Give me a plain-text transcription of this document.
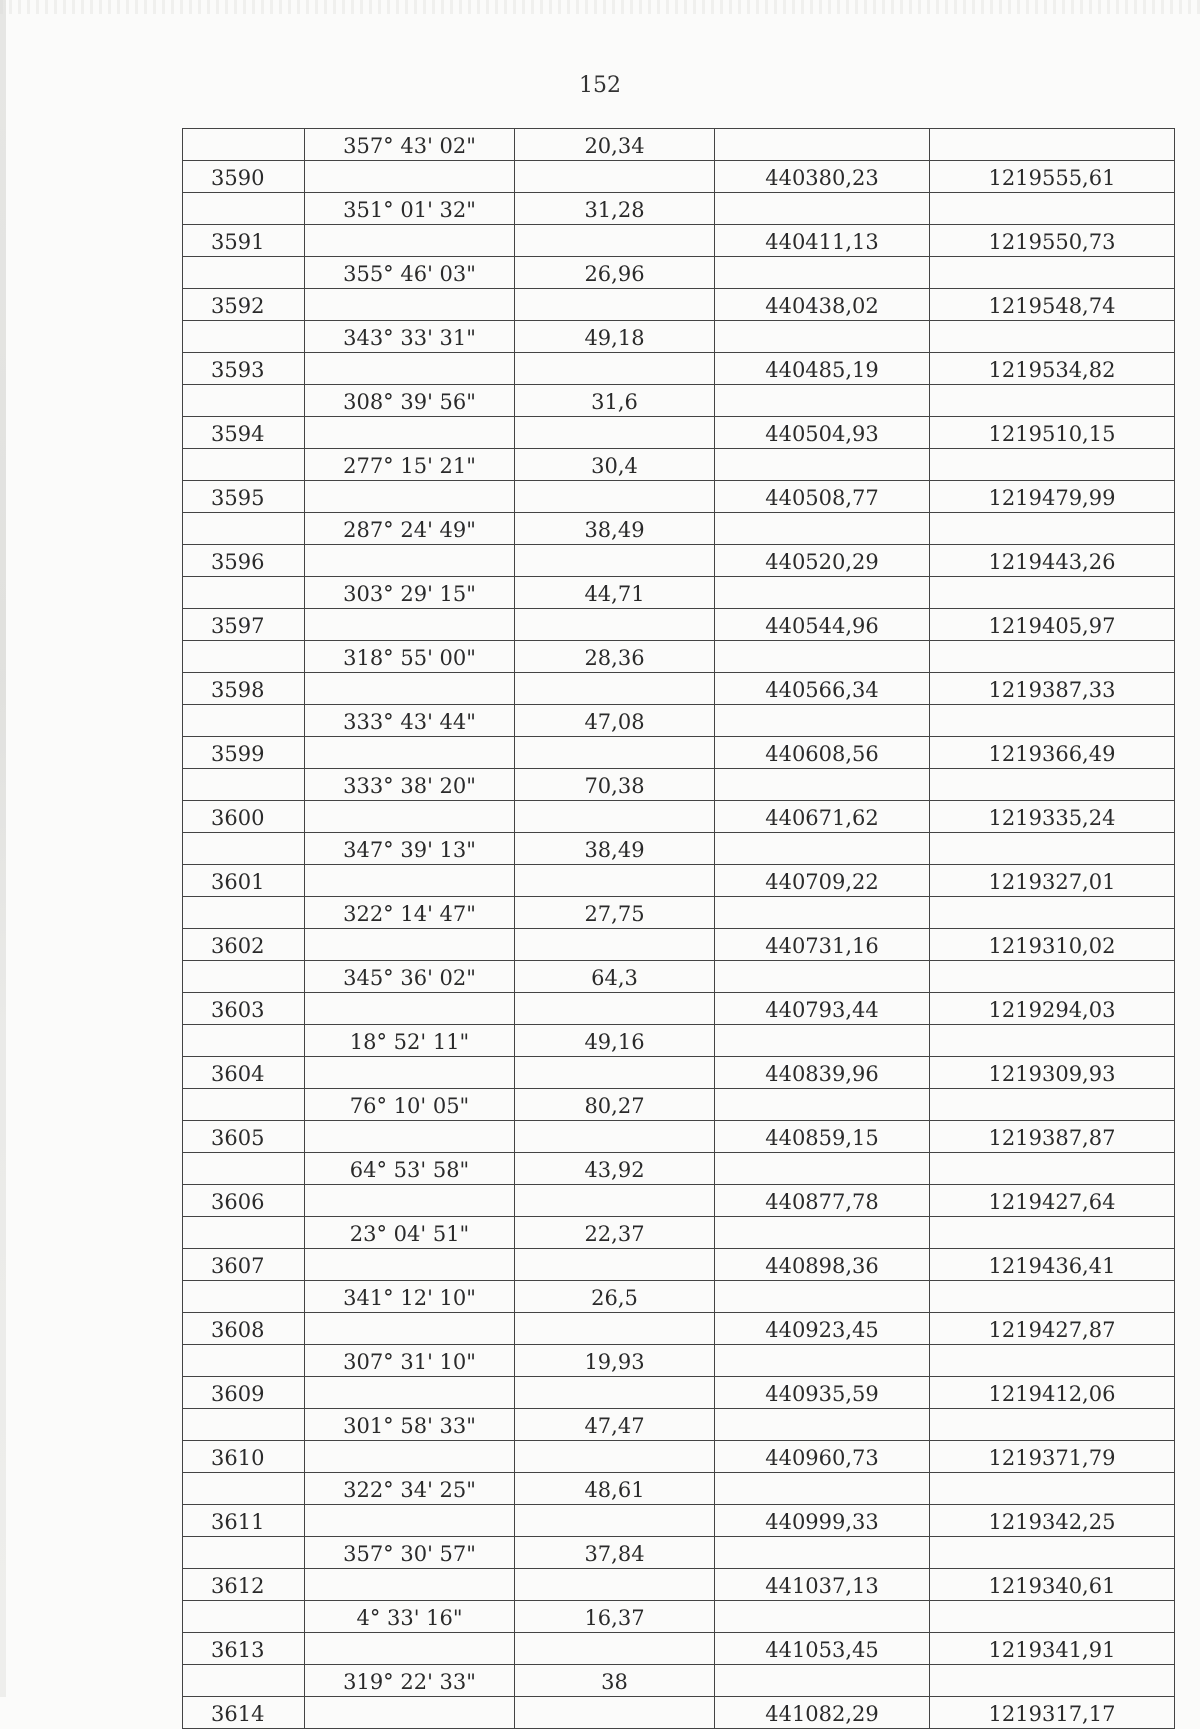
152
	357° 43' 02"	20,34		
3590			440380,23	1219555,61
	351° 01' 32"	31,28		
3591			440411,13	1219550,73
	355° 46' 03"	26,96		
3592			440438,02	1219548,74
	343° 33' 31"	49,18		
3593			440485,19	1219534,82
	308° 39' 56"	31,6		
3594			440504,93	1219510,15
	277° 15' 21"	30,4		
3595			440508,77	1219479,99
	287° 24' 49"	38,49		
3596			440520,29	1219443,26
	303° 29' 15"	44,71		
3597			440544,96	1219405,97
	318° 55' 00"	28,36		
3598			440566,34	1219387,33
	333° 43' 44"	47,08		
3599			440608,56	1219366,49
	333° 38' 20"	70,38		
3600			440671,62	1219335,24
	347° 39' 13"	38,49		
3601			440709,22	1219327,01
	322° 14' 47"	27,75		
3602			440731,16	1219310,02
	345° 36' 02"	64,3		
3603			440793,44	1219294,03
	18° 52' 11"	49,16		
3604			440839,96	1219309,93
	76° 10' 05"	80,27		
3605			440859,15	1219387,87
	64° 53' 58"	43,92		
3606			440877,78	1219427,64
	23° 04' 51"	22,37		
3607			440898,36	1219436,41
	341° 12' 10"	26,5		
3608			440923,45	1219427,87
	307° 31' 10"	19,93		
3609			440935,59	1219412,06
	301° 58' 33"	47,47		
3610			440960,73	1219371,79
	322° 34' 25"	48,61		
3611			440999,33	1219342,25
	357° 30' 57"	37,84		
3612			441037,13	1219340,61
	4° 33' 16"	16,37		
3613			441053,45	1219341,91
	319° 22' 33"	38		
3614			441082,29	1219317,17
